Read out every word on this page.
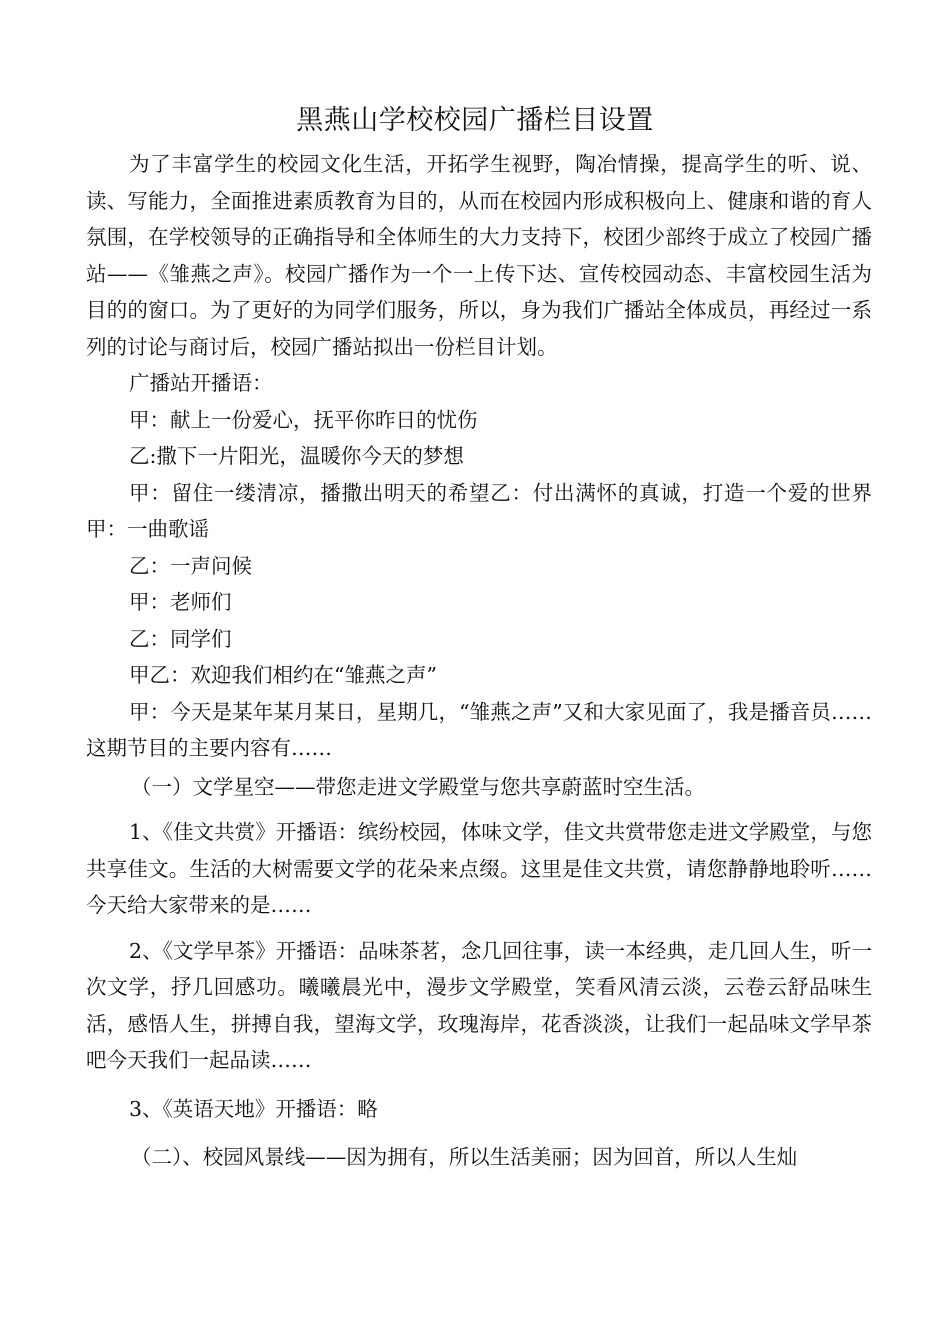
黑燕山学校校园广播栏目设置

为了丰富学生的校园文化生活，开拓学生视野，陶冶情操，提高学生的听、说、读、写能力，全面推进素质教育为目的，从而在校园内形成积极向上、健康和谐的育人氛围，在学校领导的正确指导和全体师生的大力支持下，校团少部终于成立了校园广播站——《雏燕之声》。校园广播作为一个一上传下达、宣传校园动态、丰富校园生活为目的的窗口。为了更好的为同学们服务，所以，身为我们广播站全体成员，再经过一系列的讨论与商讨后，校园广播站拟出一份栏目计划。

广播站开播语：

甲：献上一份爱心，抚平你昨日的忧伤

乙:撒下一片阳光，温暖你今天的梦想

甲：留住一缕清凉，播撒出明天的希望乙：付出满怀的真诚，打造一个爱的世界甲：一曲歌谣

乙：一声问候

甲：老师们

乙：同学们

甲乙：欢迎我们相约在“雏燕之声”

甲：今天是某年某月某日，星期几，“雏燕之声”又和大家见面了，我是播音员……这期节目的主要内容有……

（一）文学星空——带您走进文学殿堂与您共享蔚蓝时空生活。

1、《佳文共赏》开播语：缤纷校园，体味文学，佳文共赏带您走进文学殿堂，与您共享佳文。生活的大树需要文学的花朵来点缀。这里是佳文共赏，请您静静地聆听……今天给大家带来的是……

2、《文学早茶》开播语：品味茶茗，念几回往事，读一本经典，走几回人生，听一次文学，抒几回感功。曦曦晨光中，漫步文学殿堂，笑看风清云淡，云卷云舒品味生活，感悟人生，拼搏自我，望海文学，玫瑰海岸，花香淡淡，让我们一起品味文学早茶吧今天我们一起品读……

3、《英语天地》开播语：略

（二）、校园风景线——因为拥有，所以生活美丽；因为回首，所以人生灿
